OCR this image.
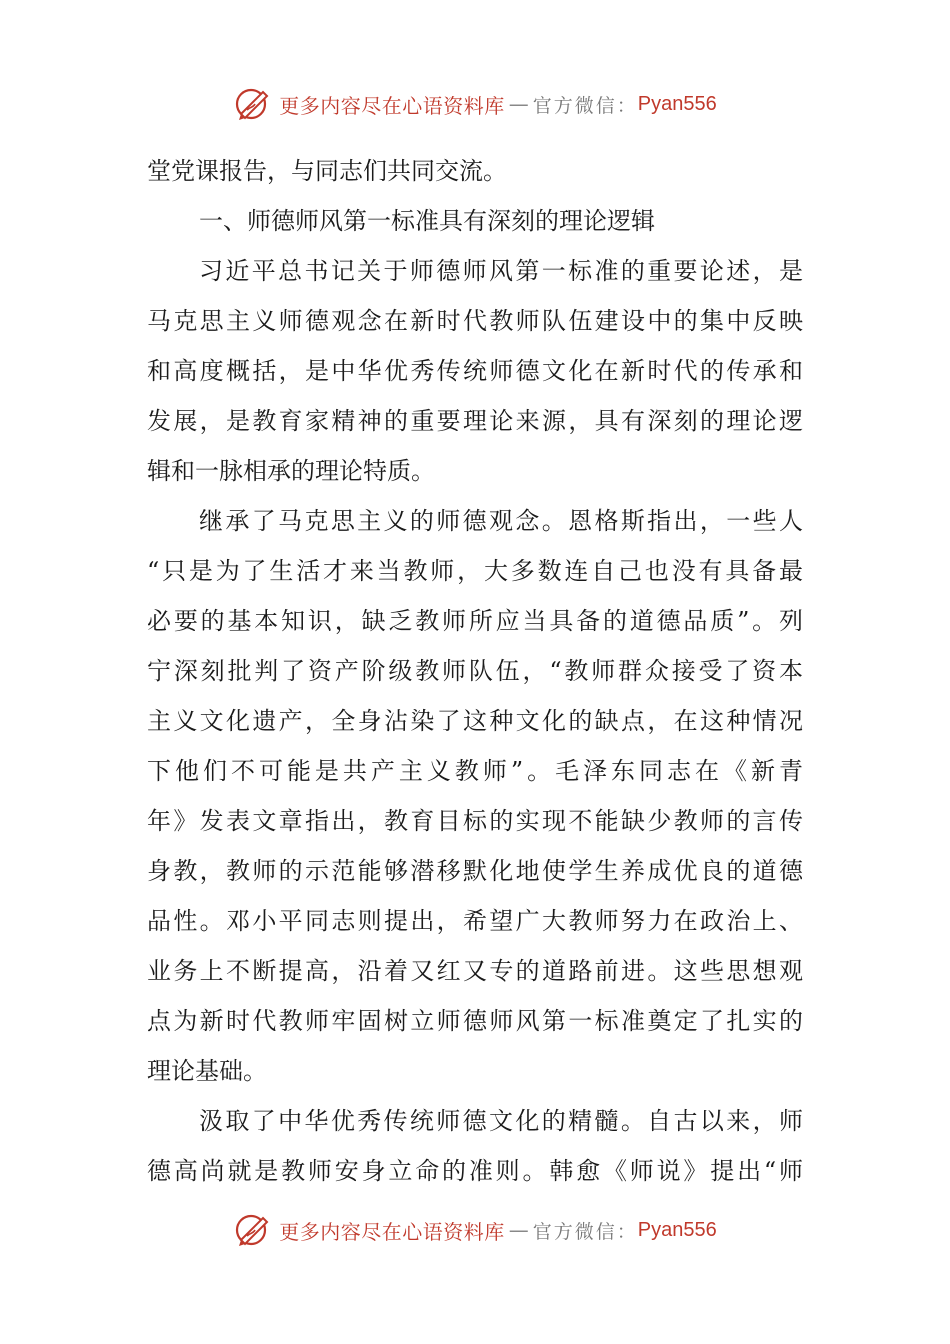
更多内容尽在心语资料库 — 官方微信： Pyan556
堂党课报告，与同志们共同交流。
一、师德师风第一标准具有深刻的理论逻辑
习近平总书记关于师德师风第一标准的重要论述，是
马克思主义师德观念在新时代教师队伍建设中的集中反映
和高度概括，是中华优秀传统师德文化在新时代的传承和
发展，是教育家精神的重要理论来源，具有深刻的理论逻
辑和一脉相承的理论特质。
继承了马克思主义的师德观念。恩格斯指出，一些人
“只是为了生活才来当教师，大多数连自己也没有具备最
必要的基本知识，缺乏教师所应当具备的道德品质”。列
宁深刻批判了资产阶级教师队伍，“教师群众接受了资本
主义文化遗产，全身沾染了这种文化的缺点，在这种情况
下他们不可能是共产主义教师”。毛泽东同志在《新青
年》发表文章指出，教育目标的实现不能缺少教师的言传
身教，教师的示范能够潜移默化地使学生养成优良的道德
品性。邓小平同志则提出，希望广大教师努力在政治上、
业务上不断提高，沿着又红又专的道路前进。这些思想观
点为新时代教师牢固树立师德师风第一标准奠定了扎实的
理论基础。
汲取了中华优秀传统师德文化的精髓。自古以来，师
德高尚就是教师安身立命的准则。韩愈《师说》提出“师
更多内容尽在心语资料库 — 官方微信： Pyan556
